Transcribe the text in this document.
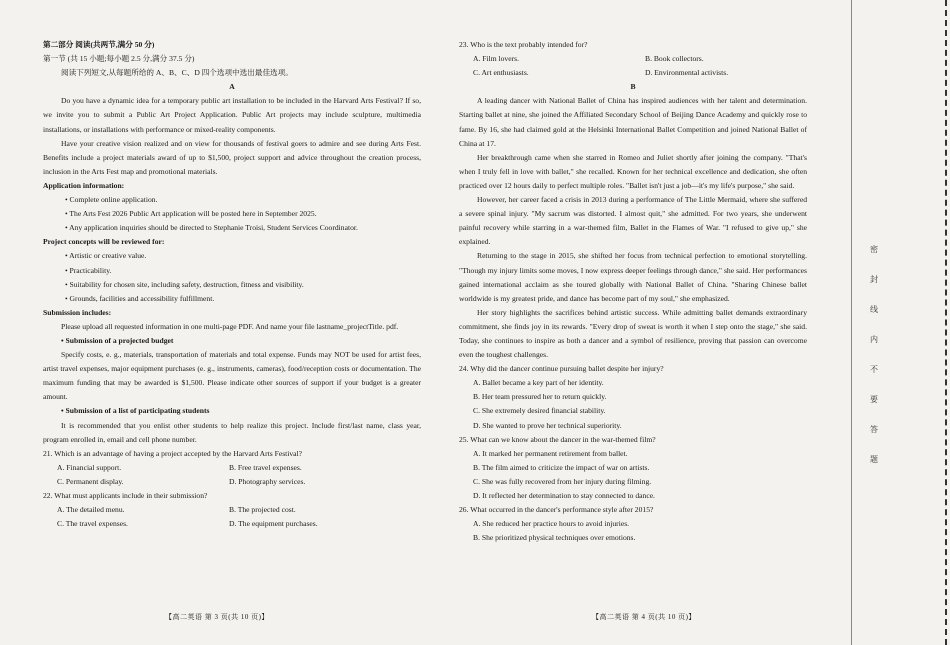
第二部分 阅读(共两节,满分 50 分)

第一节 (共 15 小题;每小题 2.5 分,满分 37.5 分)

阅读下列短文,从每题所给的 A、B、C、D 四个选项中选出最佳选项。

A

Do you have a dynamic idea for a temporary public art installation to be included in the Harvard Arts Festival? If so, we invite you to submit a Public Art Project Application. Public Art projects may include sculpture, multimedia installations, or installations with performance or mixed-reality components.

Have your creative vision realized and on view for thousands of festival goers to admire and see during Arts Fest. Benefits include a project materials award of up to $1,500, project support and advice throughout the creation process, inclusion in the Arts Fest map and promotional materials.

Application information:

• Complete online application.

• The Arts Fest 2026 Public Art application will be posted here in September 2025.

• Any application inquiries should be directed to Stephanie Troisi, Student Services Coordinator.

Project concepts will be reviewed for:

• Artistic or creative value.

• Practicability.

• Suitability for chosen site, including safety, destruction, fitness and visibility.

• Grounds, facilities and accessibility fulfillment.

Submission includes:

Please upload all requested information in one multi-page PDF. And name your file lastname_projectTitle. pdf.

• Submission of a projected budget

Specify costs, e. g., materials, transportation of materials and total expense. Funds may NOT be used for artist fees, artist travel expenses, major equipment purchases (e. g., instruments, cameras), food/reception costs or documentation. The maximum funding that may be awarded is $1,500. Please indicate other sources of support if your budget is a greater amount.

• Submission of a list of participating students

It is recommended that you enlist other students to help realize this project. Include first/last name, class year, program enrolled in, email and cell phone number.

21. Which is an advantage of having a project accepted by the Harvard Arts Festival?

A. Financial support.	B. Free travel expenses.
C. Permanent display.	D. Photography services.

22. What must applicants include in their submission?

A. The detailed menu.	B. The projected cost.
C. The travel expenses.	D. The equipment purchases.

23. Who is the text probably intended for?

A. Film lovers.	B. Book collectors.
C. Art enthusiasts.	D. Environmental activists.

B

A leading dancer with National Ballet of China has inspired audiences with her talent and determination. Starting ballet at nine, she joined the Affiliated Secondary School of Beijing Dance Academy and quickly rose to fame. By 16, she had claimed gold at the Helsinki International Ballet Competition and joined National Ballet of China at 17.

Her breakthrough came when she starred in Romeo and Juliet shortly after joining the company. "That's when I truly fell in love with ballet," she recalled. Known for her technical excellence and dedication, she often practiced over 12 hours daily to perfect multiple roles. "Ballet isn't just a job—it's my life's purpose," she said.

However, her career faced a crisis in 2013 during a performance of The Little Mermaid, where she suffered a severe spinal injury. "My sacrum was distorted. I almost quit," she admitted. For two years, she underwent painful recovery while starring in a war-themed film, Ballet in the Flames of War. "I refused to give up," she explained.

Returning to the stage in 2015, she shifted her focus from technical perfection to emotional storytelling. "Though my injury limits some moves, I now express deeper feelings through dance," she said. Her performances gained international acclaim as she toured globally with National Ballet of China. "Sharing Chinese ballet worldwide is my greatest pride, and dance has become part of my soul," she emphasized.

Her story highlights the sacrifices behind artistic success. While admitting ballet demands extraordinary commitment, she finds joy in its rewards. "Every drop of sweat is worth it when I step onto the stage," she said. Today, she continues to inspire as both a dancer and a symbol of resilience, proving that passion can overcome even the toughest challenges.

24. Why did the dancer continue pursuing ballet despite her injury?

A. Ballet became a key part of her identity.

B. Her team pressured her to return quickly.

C. She extremely desired financial stability.

D. She wanted to prove her technical superiority.

25. What can we know about the dancer in the war-themed film?

A. It marked her permanent retirement from ballet.

B. The film aimed to criticize the impact of war on artists.

C. She was fully recovered from her injury during filming.

D. It reflected her determination to stay connected to dance.

26. What occurred in the dancer's performance style after 2015?

A. She reduced her practice hours to avoid injuries.

B. She prioritized physical techniques over emotions.

【高二英语 第 3 页(共 10 页)】	【高二英语 第 4 页(共 10 页)】
密封线内不要答题
